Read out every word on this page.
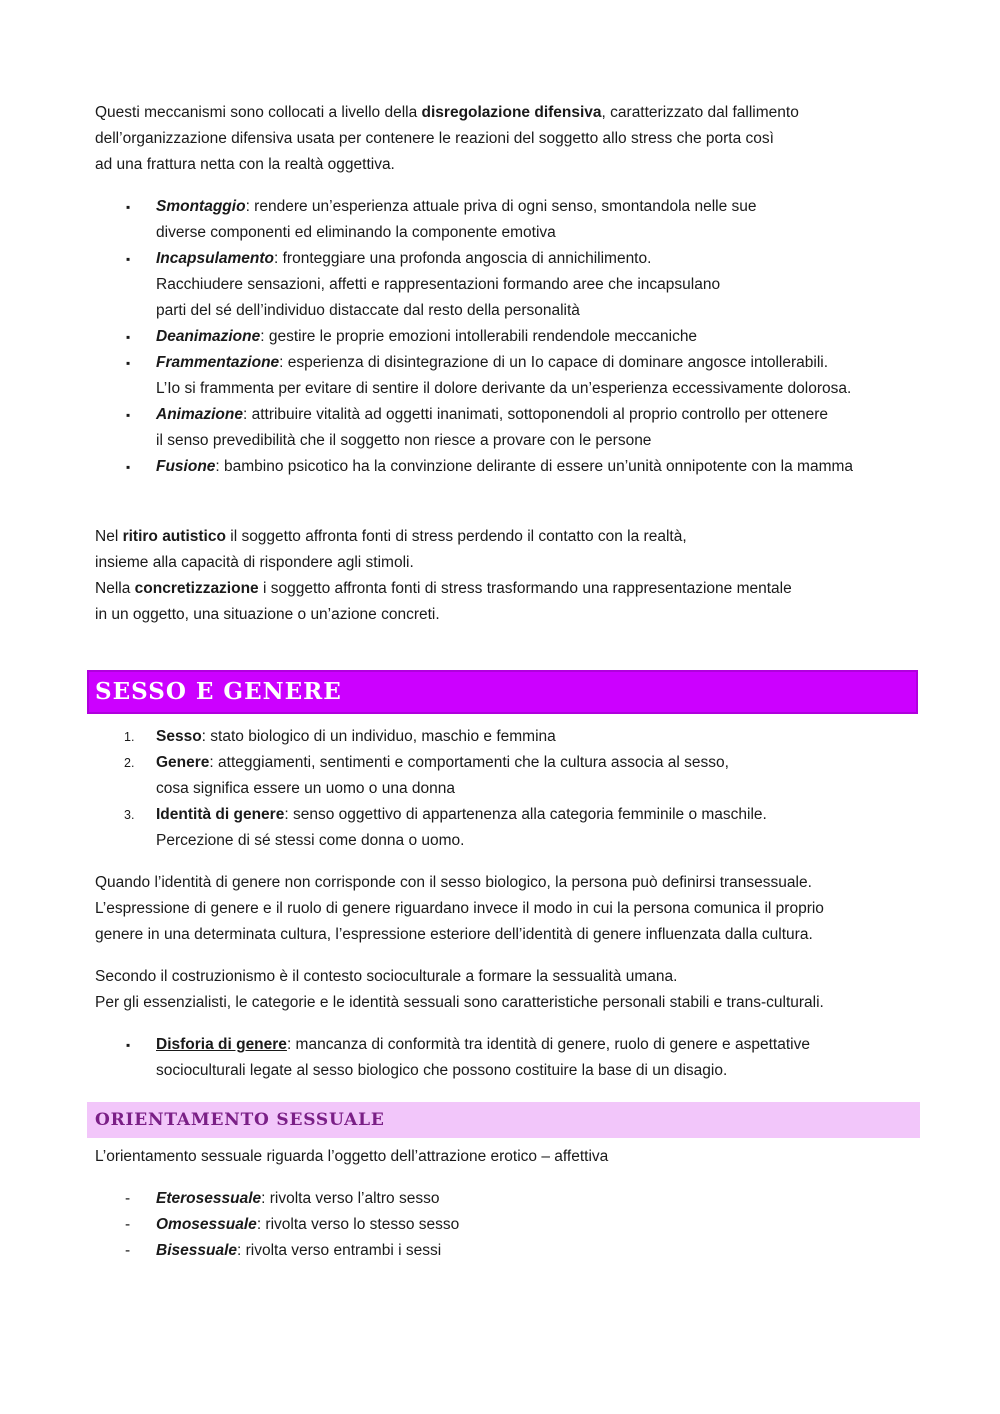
Questi meccanismi sono collocati a livello della disregolazione difensiva, caratterizzato dal fallimento
dell’organizzazione difensiva usata per contenere le reazioni del soggetto allo stress che porta così
ad una frattura netta con la realtà oggettiva.

▪ Smontaggio: rendere un’esperienza attuale priva di ogni senso, smontandola nelle sue
diverse componenti ed eliminando la componente emotiva
▪ Incapsulamento: fronteggiare una profonda angoscia di annichilimento.
Racchiudere sensazioni, affetti e rappresentazioni formando aree che incapsulano
parti del sé dell’individuo distaccate dal resto della personalità
▪ Deanimazione: gestire le proprie emozioni intollerabili rendendole meccaniche
▪ Frammentazione: esperienza di disintegrazione di un Io capace di dominare angosce intollerabili.
L’Io si frammenta per evitare di sentire il dolore derivante da un’esperienza eccessivamente dolorosa.
▪ Animazione: attribuire vitalità ad oggetti inanimati, sottoponendoli al proprio controllo per ottenere
il senso prevedibilità che il soggetto non riesce a provare con le persone
▪ Fusione: bambino psicotico ha la convinzione delirante di essere un’unità onnipotente con la mamma

Nel ritiro autistico il soggetto affronta fonti di stress perdendo il contatto con la realtà,
insieme alla capacità di rispondere agli stimoli.
Nella concretizzazione i soggetto affronta fonti di stress trasformando una rappresentazione mentale
in un oggetto, una situazione o un’azione concreti.

SESSO E GENERE
1. Sesso: stato biologico di un individuo, maschio e femmina
2. Genere: atteggiamenti, sentimenti e comportamenti che la cultura associa al sesso,
cosa significa essere un uomo o una donna
3. Identità di genere: senso oggettivo di appartenenza alla categoria femminile o maschile.
Percezione di sé stessi come donna o uomo.

Quando l’identità di genere non corrisponde con il sesso biologico, la persona può definirsi transessuale.
L’espressione di genere e il ruolo di genere riguardano invece il modo in cui la persona comunica il proprio
genere in una determinata cultura, l’espressione esteriore dell’identità di genere influenzata dalla cultura.

Secondo il costruzionismo è il contesto socioculturale a formare la sessualità umana.
Per gli essenzialisti, le categorie e le identità sessuali sono caratteristiche personali stabili e trans-culturali.

▪ Disforia di genere: mancanza di conformità tra identità di genere, ruolo di genere e aspettative
socioculturali legate al sesso biologico che possono costituire la base di un disagio.
ORIENTAMENTO SESSUALE

L’orientamento sessuale riguarda l’oggetto dell’attrazione erotico – affettiva

- Eterosessuale: rivolta verso l’altro sesso
- Omosessuale: rivolta verso lo stesso sesso
- Bisessuale: rivolta verso entrambi i sessi
